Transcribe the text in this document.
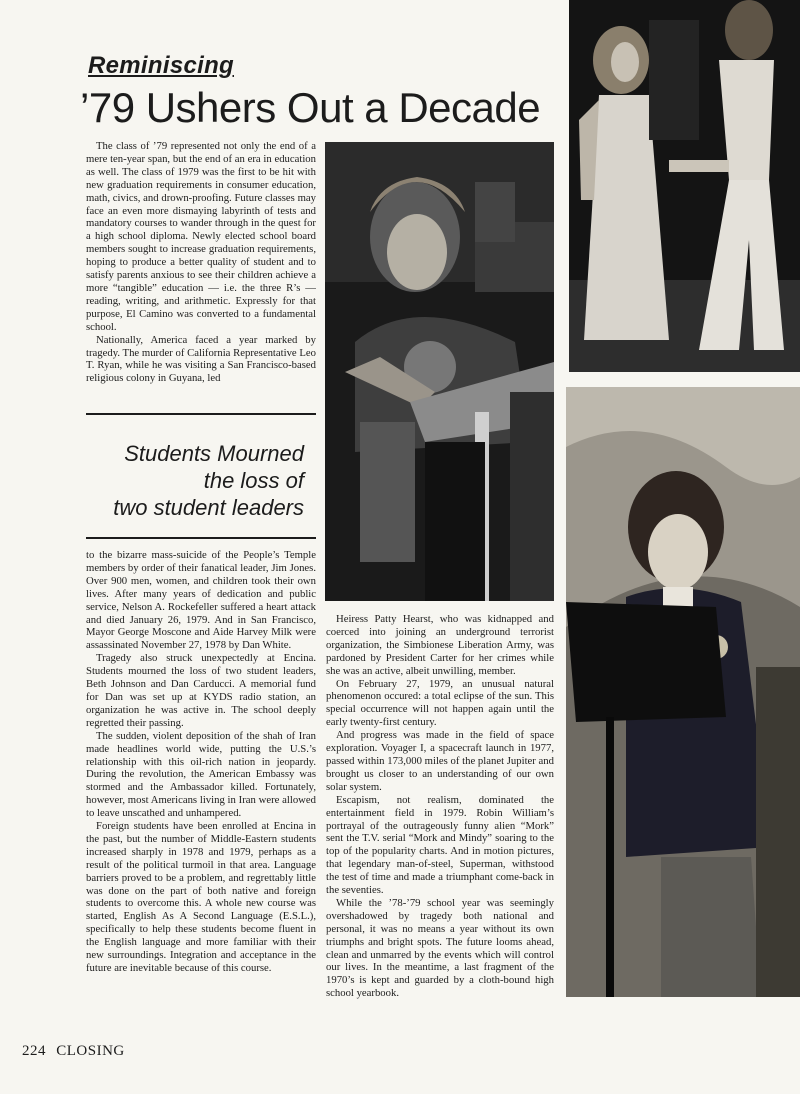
Reminiscing
’79 Ushers Out a Decade

The class of ’79 represented not only the end of a mere ten-year span, but the end of an era in education as well. The class of 1979 was the first to be hit with new graduation requirements in consumer education, math, civics, and drown-proofing. Future classes may face an even more dismaying labyrinth of tests and mandatory courses to wander through in the quest for a high school diploma. Newly elected school board members sought to increase graduation requirements, hoping to produce a better quality of student and to satisfy parents anxious to see their children achieve a more “tangible” education — i.e. the three R’s — reading, writing, and arithmetic. Expressly for that purpose, El Camino was converted to a fundamental school.

Nationally, America faced a year marked by tragedy. The murder of California Representative Leo T. Ryan, while he was visiting a San Francisco-based religious colony in Guyana, led

Students Mourned
the loss of
two student leaders

to the bizarre mass-suicide of the People’s Temple members by order of their fanatical leader, Jim Jones. Over 900 men, women, and children took their own lives. After many years of dedication and public service, Nelson A. Rockefeller suffered a heart attack and died January 26, 1979. And in San Francisco, Mayor George Moscone and Aide Harvey Milk were assassinated November 27, 1978 by Dan White.

Tragedy also struck unexpectedly at Encina. Students mourned the loss of two student leaders, Beth Johnson and Dan Carducci. A memorial fund for Dan was set up at KYDS radio station, an organization he was active in. The school deeply regretted their passing.

The sudden, violent deposition of the shah of Iran made headlines world wide, putting the U.S.’s relationship with this oil-rich nation in jeopardy. During the revolution, the American Embassy was stormed and the Ambassador killed. Fortunately, however, most Americans living in Iran were allowed to leave unscathed and unhampered.

Foreign students have been enrolled at Encina in the past, but the number of Middle-Eastern students increased sharply in 1978 and 1979, perhaps as a result of the political turmoil in that area. Language barriers proved to be a problem, and regrettably little was done on the part of both native and foreign students to overcome this. A whole new course was started, English As A Second Language (E.S.L.), specifically to help these students become fluent in the English language and more familiar with their new surroundings. Integration and acceptance in the future are inevitable because of this course.

Heiress Patty Hearst, who was kidnapped and coerced into joining an underground terrorist organization, the Simbionese Liberation Army, was pardoned by President Carter for her crimes while she was an active, albeit unwilling, member.

On February 27, 1979, an unusual natural phenomenon occured: a total eclipse of the sun. This special occurrence will not happen again until the early twenty-first century.

And progress was made in the field of space exploration. Voyager I, a spacecraft launch in 1977, passed within 173,000 miles of the planet Jupiter and brought us closer to an understanding of our own solar system.

Escapism, not realism, dominated the entertainment field in 1979. Robin William’s portrayal of the outrageously funny alien “Mork” sent the T.V. serial “Mork and Mindy” soaring to the top of the popularity charts. And in motion pictures, that legendary man-of-steel, Superman, withstood the test of time and made a triumphant come-back in the seventies.

While the ’78-’79 school year was seemingly overshadowed by tragedy both national and personal, it was no means a year without its own triumphs and bright spots. The future looms ahead, clean and unmarred by the events which will control our lives. In the meantime, a last fragment of the 1970’s is kept and guarded by a cloth-bound high school yearbook.

224 CLOSING
